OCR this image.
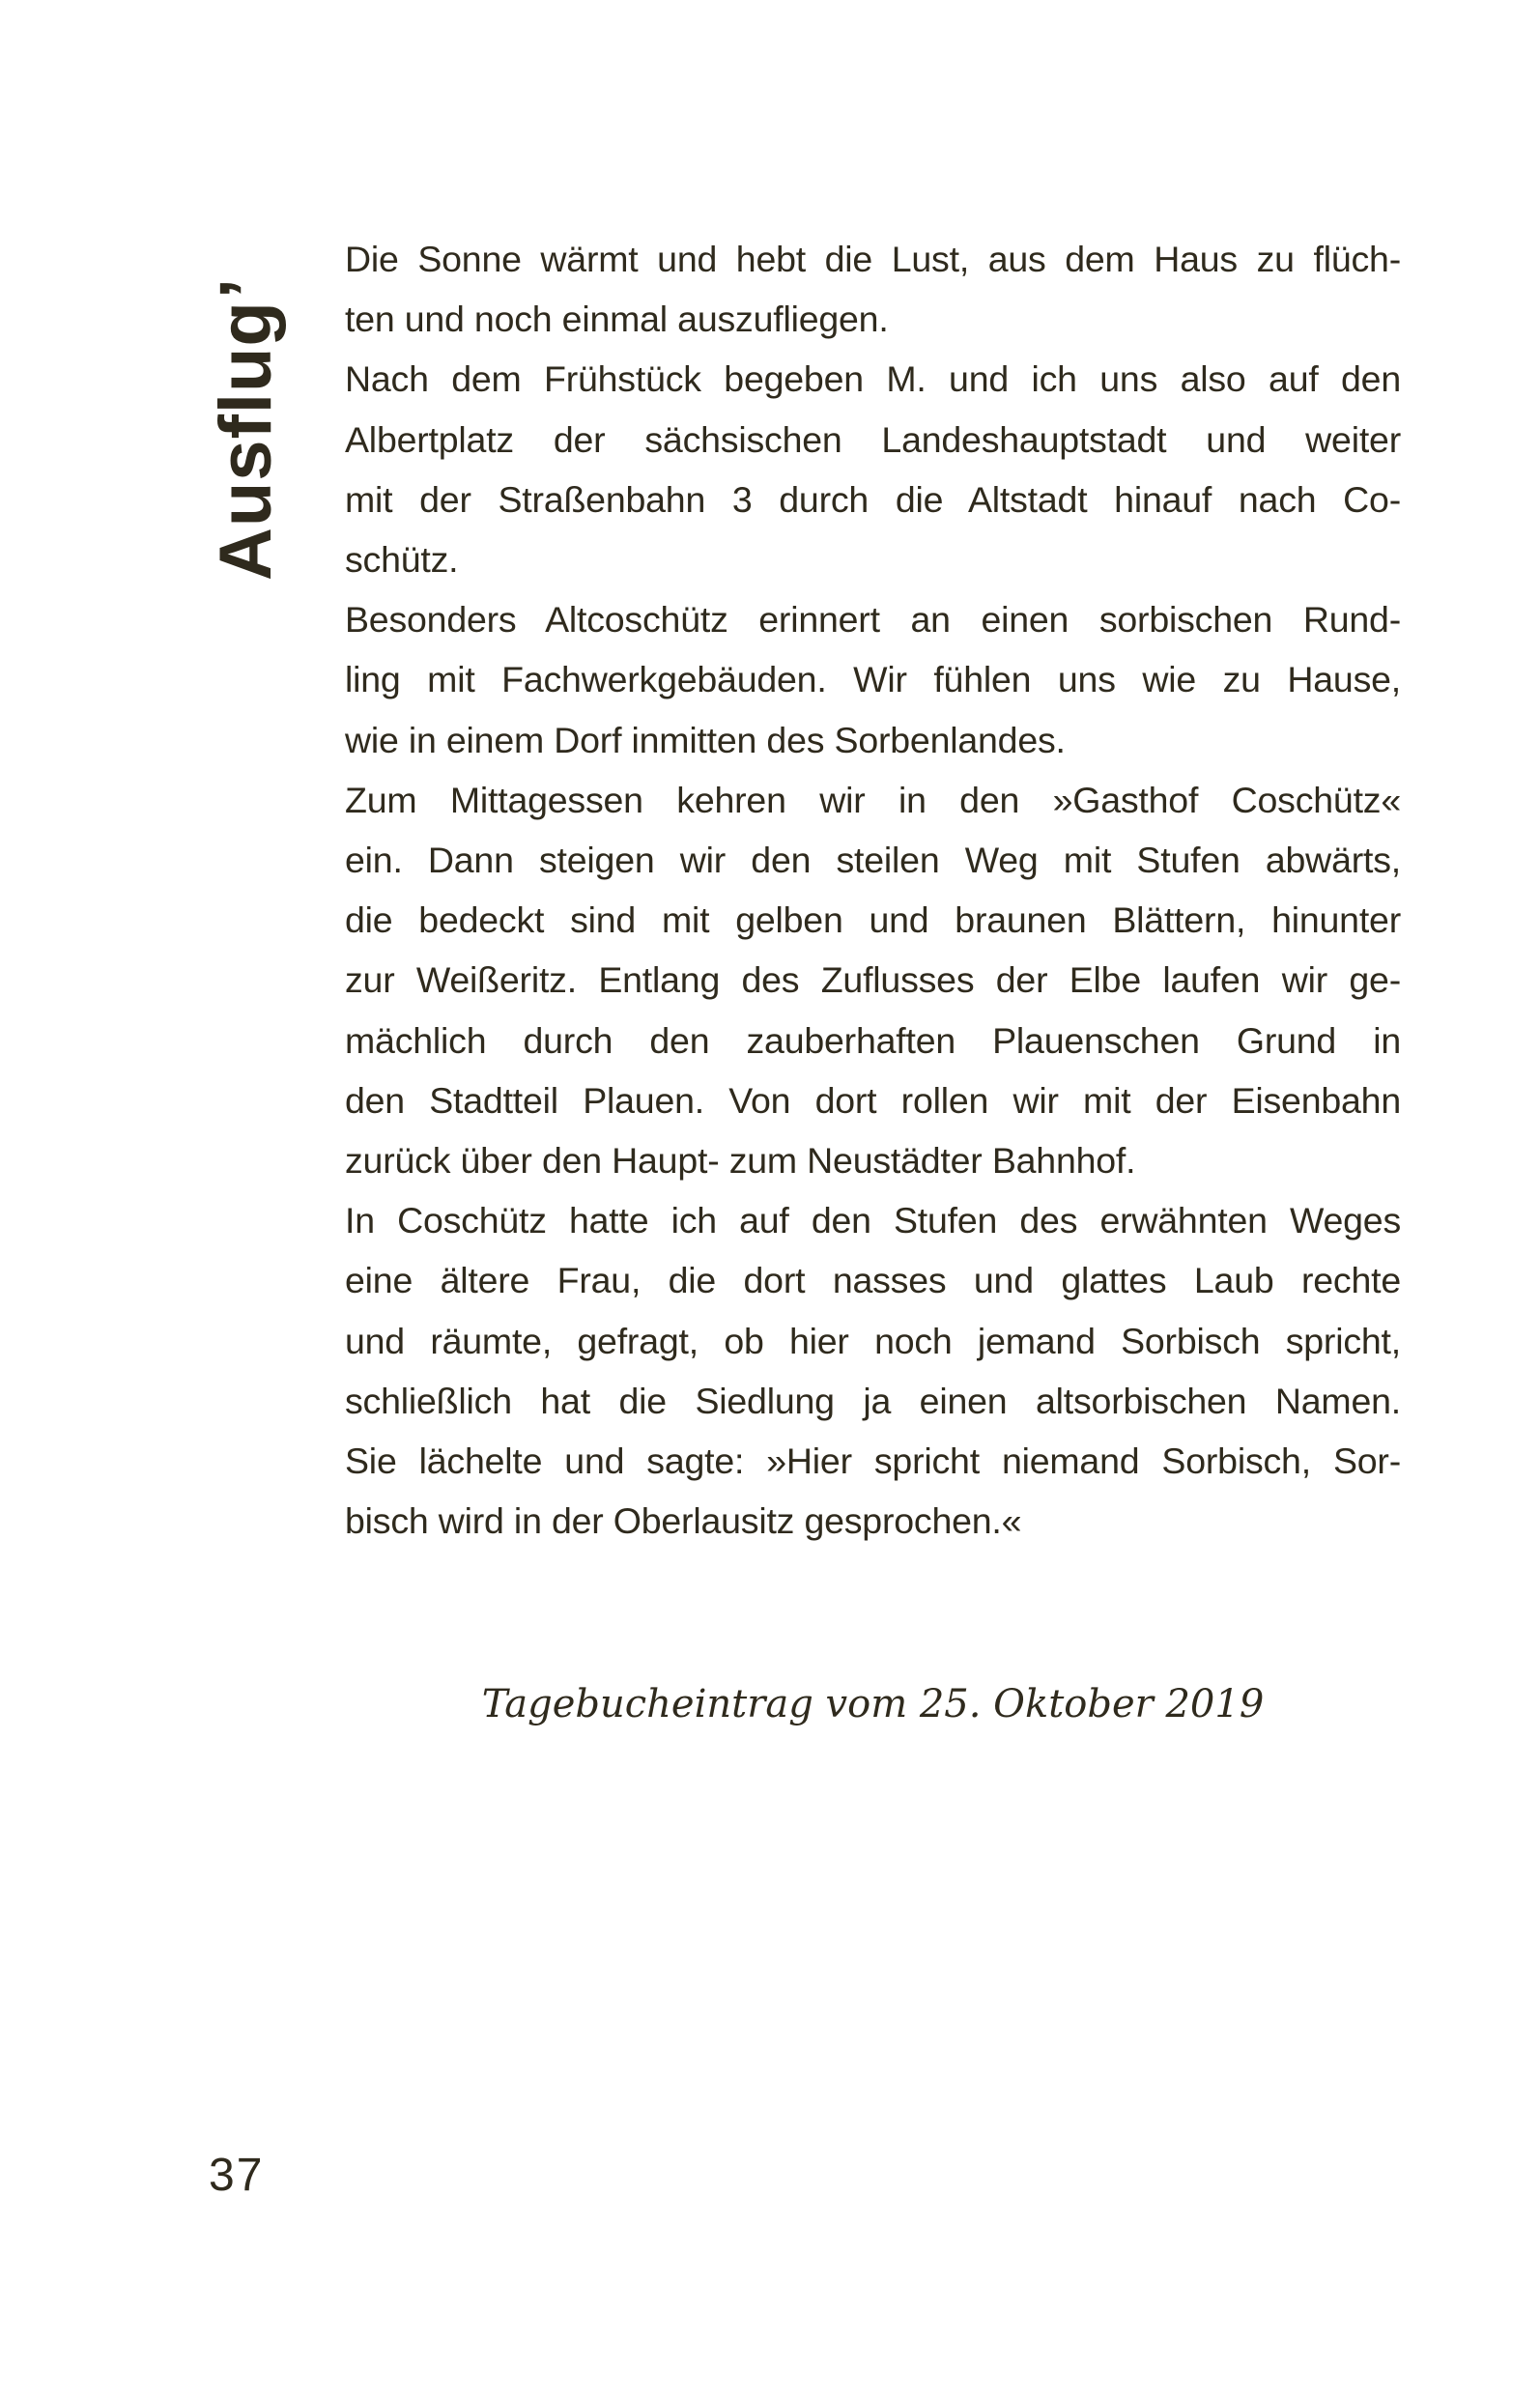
Ausflug’

Die Sonne wärmt und hebt die Lust, aus dem Haus zu flüch-
ten und noch einmal auszufliegen.

Nach dem Frühstück begeben M. und ich uns also auf den
Albertplatz der sächsischen Landeshauptstadt und weiter
mit der Straßenbahn 3 durch die Altstadt hinauf nach Co-
schütz.

Besonders Altcoschütz erinnert an einen sorbischen Rund-
ling mit Fachwerkgebäuden. Wir fühlen uns wie zu Hause,
wie in einem Dorf inmitten des Sorbenlandes.

Zum Mittagessen kehren wir in den »Gasthof Coschütz«
ein. Dann steigen wir den steilen Weg mit Stufen abwärts,
die bedeckt sind mit gelben und braunen Blättern, hinunter
zur Weißeritz. Entlang des Zuflusses der Elbe laufen wir ge-
mächlich durch den zauberhaften Plauenschen Grund in
den Stadtteil Plauen. Von dort rollen wir mit der Eisenbahn
zurück über den Haupt- zum Neustädter Bahnhof.

In Coschütz hatte ich auf den Stufen des erwähnten Weges
eine ältere Frau, die dort nasses und glattes Laub rechte
und räumte, gefragt, ob hier noch jemand Sorbisch spricht,
schließlich hat die Siedlung ja einen altsorbischen Namen.
Sie lächelte und sagte: »Hier spricht niemand Sorbisch, Sor-
bisch wird in der Oberlausitz gesprochen.«

Tagebucheintrag vom 25. Oktober 2019
37
